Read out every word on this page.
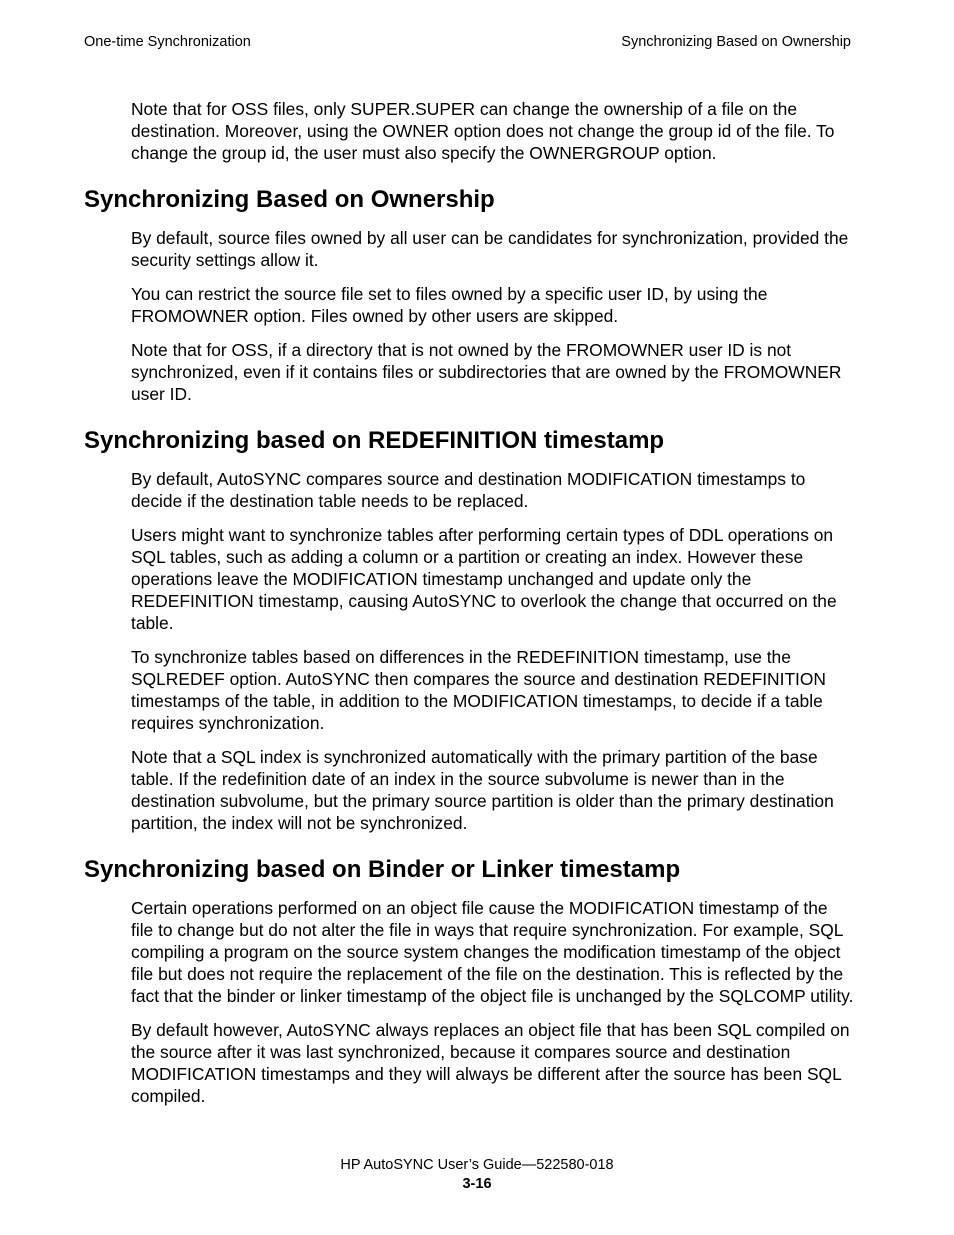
One-time Synchronization	Synchronizing Based on Ownership

Note that for OSS files, only SUPER.SUPER can change the ownership of a file on the destination. Moreover, using the OWNER option does not change the group id of the file. To change the group id, the user must also specify the OWNERGROUP option.

Synchronizing Based on Ownership

By default, source files owned by all user can be candidates for synchronization, provided the security settings allow it.

You can restrict the source file set to files owned by a specific user ID, by using the FROMOWNER option. Files owned by other users are skipped.

Note that for OSS, if a directory that is not owned by the FROMOWNER user ID is not synchronized, even if it contains files or subdirectories that are owned by the FROMOWNER user ID.

Synchronizing based on REDEFINITION timestamp

By default, AutoSYNC compares source and destination MODIFICATION timestamps to decide if the destination table needs to be replaced.

Users might want to synchronize tables after performing certain types of DDL operations on SQL tables, such as adding a column or a partition or creating an index. However these operations leave the MODIFICATION timestamp unchanged and update only the REDEFINITION timestamp, causing AutoSYNC to overlook the change that occurred on the table.

To synchronize tables based on differences in the REDEFINITION timestamp, use the SQLREDEF option. AutoSYNC then compares the source and destination REDEFINITION timestamps of the table, in addition to the MODIFICATION timestamps, to decide if a table requires synchronization.

Note that a SQL index is synchronized automatically with the primary partition of the base table. If the redefinition date of an index in the source subvolume is newer than in the destination subvolume, but the primary source partition is older than the primary destination partition, the index will not be synchronized.

Synchronizing based on Binder or Linker timestamp

Certain operations performed on an object file cause the MODIFICATION timestamp of the file to change but do not alter the file in ways that require synchronization. For example, SQL compiling a program on the source system changes the modification timestamp of the object file but does not require the replacement of the file on the destination. This is reflected by the fact that the binder or linker timestamp of the object file is unchanged by the SQLCOMP utility.

By default however, AutoSYNC always replaces an object file that has been SQL compiled on the source after it was last synchronized, because it compares source and destination MODIFICATION timestamps and they will always be different after the source has been SQL compiled.

HP AutoSYNC User’s Guide—522580-018
3-16
